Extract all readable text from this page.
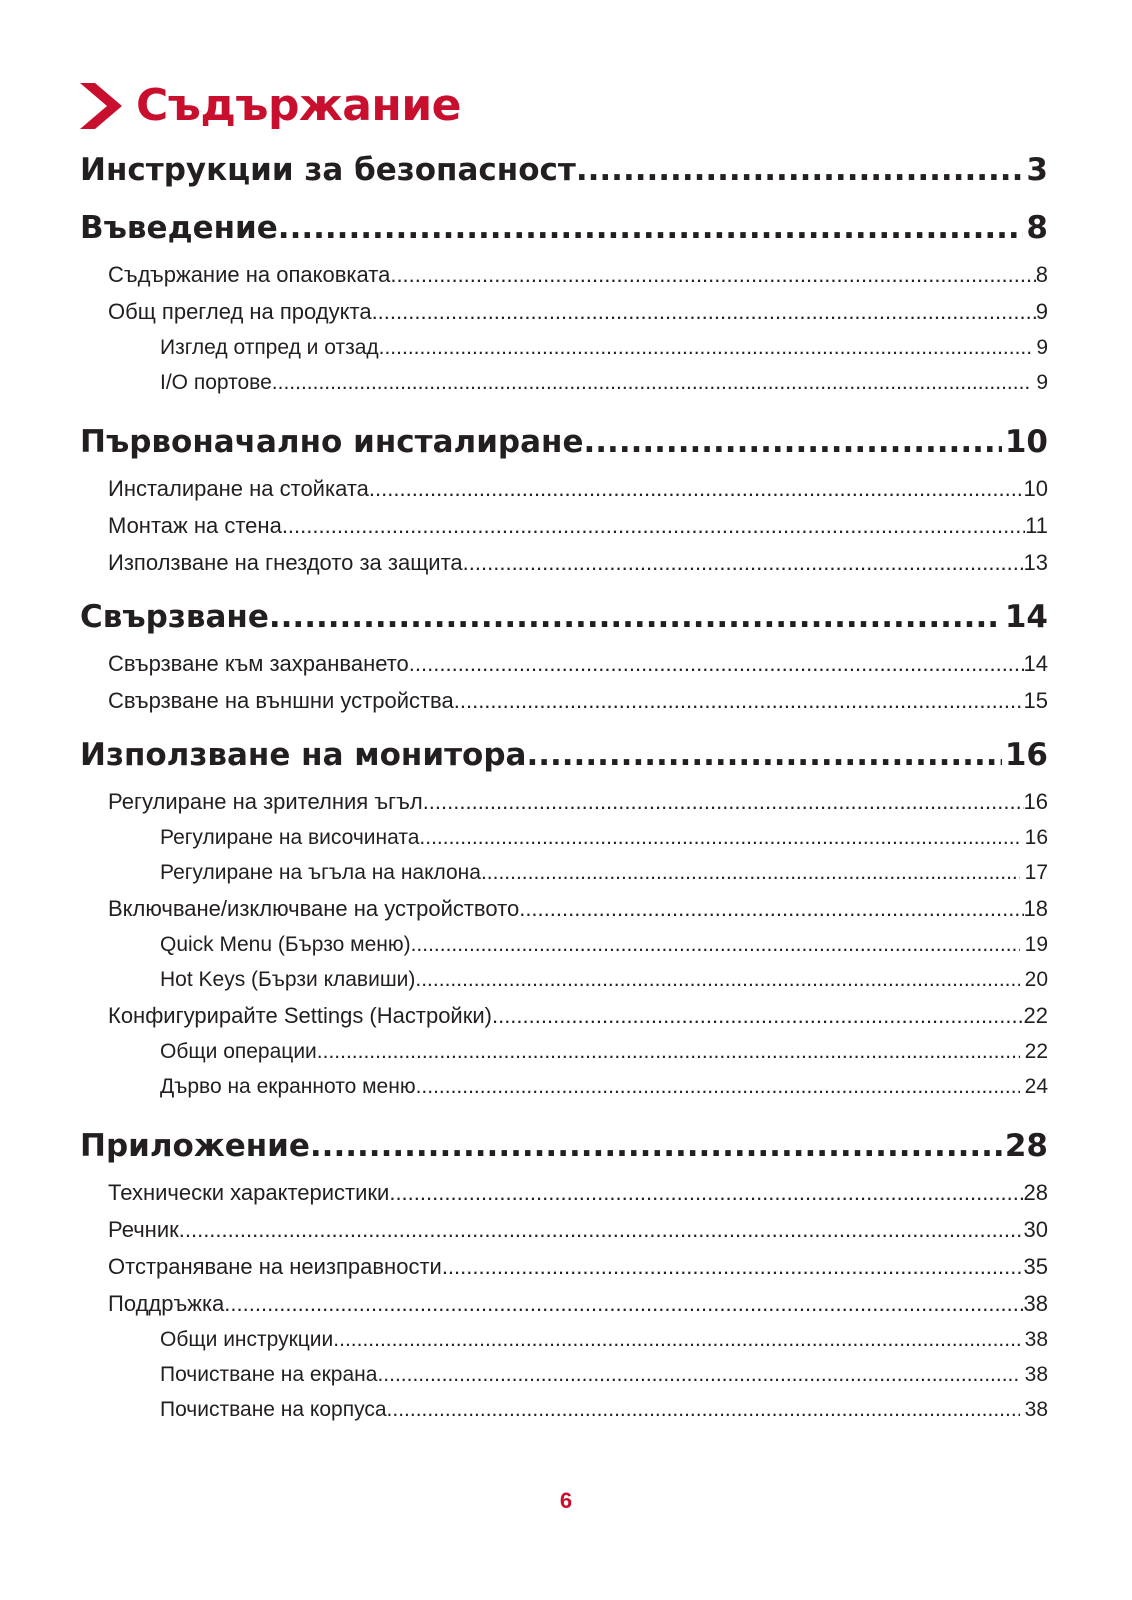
Съдържание
Инструкции за безопасност .....	3
Въведение .....	8
Съдържание на опаковката .....	8
Общ преглед на продукта .....	9
Изглед отпред и отзад .....	9
I/O портове .....	9
Първоначално инсталиране .....	10
Инсталиране на стойката .....	10
Монтаж на стена .....	11
Използване на гнездото за защита .....	13
Свързване .....	14
Свързване към захранването .....	14
Свързване на външни устройства .....	15
Използване на монитора .....	16
Регулиране на зрителния ъгъл .....	16
Регулиране на височината .....	16
Регулиране на ъгъла на наклона .....	17
Включване/изключване на устройството .....	18
Quick Menu (Бързо меню) .....	19
Hot Keys (Бързи клавиши) .....	20
Конфигурирайте Settings (Настройки) .....	22
Общи операции .....	22
Дърво на екранното меню .....	24
Приложение .....	28
Технически характеристики .....	28
Речник .....	30
Отстраняване на неизправности .....	35
Поддръжка .....	38
Общи инструкции .....	38
Почистване на екрана .....	38
Почистване на корпуса .....	38
6
